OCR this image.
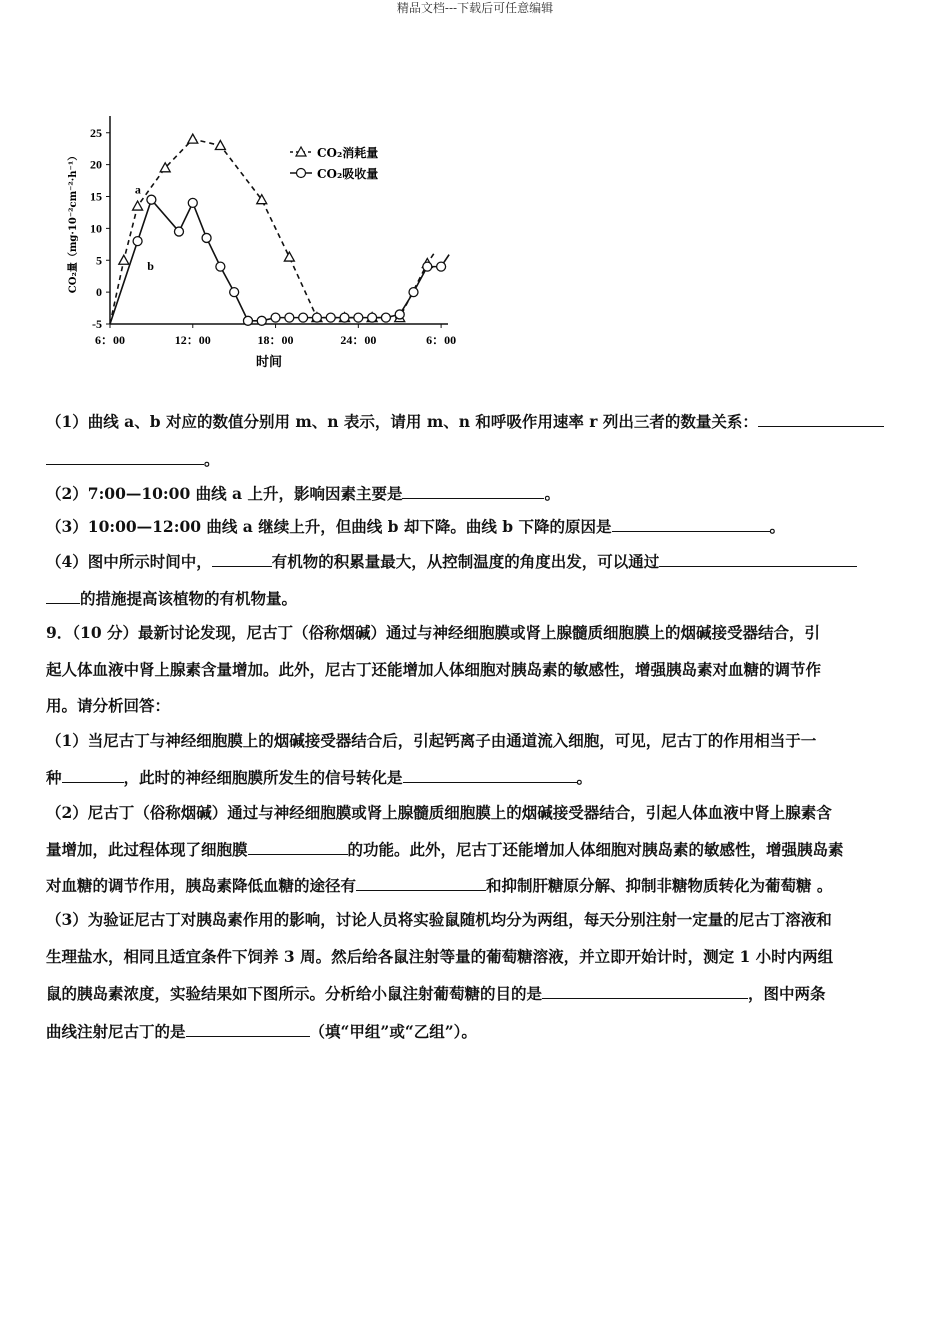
精品文档---下载后可任意编辑
25
20
15
10
5
0
-5
6：00	12：00	18：00	24：00	6：00
时间
CO₂量（mg·10⁻²cm⁻²·h⁻¹）	a
b
CO₂消耗量
CO₂吸收量
（1）曲线 a、b 对应的数值分别用 m、n 表示，请用 m、n 和呼吸作用速率 r 列出三者的数量关系：
。
（2）7:00—10:00 曲线 a 上升，影响因素主要是	。
（3）10:00—12:00 曲线 a 继续上升，但曲线 b 却下降。曲线 b 下降的原因是	。
（4）图中所示时间中，	有机物的积累量最大，从控制温度的角度出发，可以通过
的措施提高该植物的有机物量。
9．（10 分）最新讨论发现，尼古丁（俗称烟碱）通过与神经细胞膜或肾上腺髓质细胞膜上的烟碱接受器结合，引
起人体血液中肾上腺素含量增加。此外，尼古丁还能增加人体细胞对胰岛素的敏感性，增强胰岛素对血糖的调节作
用。请分析回答：
（1）当尼古丁与神经细胞膜上的烟碱接受器结合后，引起钙离子由通道流入细胞，可见，尼古丁的作用相当于一
种	，此时的神经细胞膜所发生的信号转化是	。
（2）尼古丁（俗称烟碱）通过与神经细胞膜或肾上腺髓质细胞膜上的烟碱接受器结合，引起人体血液中肾上腺素含
量增加，此过程体现了细胞膜	的功能。此外，尼古丁还能增加人体细胞对胰岛素的敏感性，增强胰岛素
对血糖的调节作用，胰岛素降低血糖的途径有	和抑制肝糖原分解、抑制非糖物质转化为葡萄糖 。
（3）为验证尼古丁对胰岛素作用的影响，讨论人员将实验鼠随机均分为两组，每天分别注射一定量的尼古丁溶液和
生理盐水，相同且适宜条件下饲养 3 周。然后给各鼠注射等量的葡萄糖溶液，并立即开始计时，测定 1 小时内两组
鼠的胰岛素浓度，实验结果如下图所示。分析给小鼠注射葡萄糖的目的是	，图中两条
曲线注射尼古丁的是	（填“甲组”或“乙组”）。
